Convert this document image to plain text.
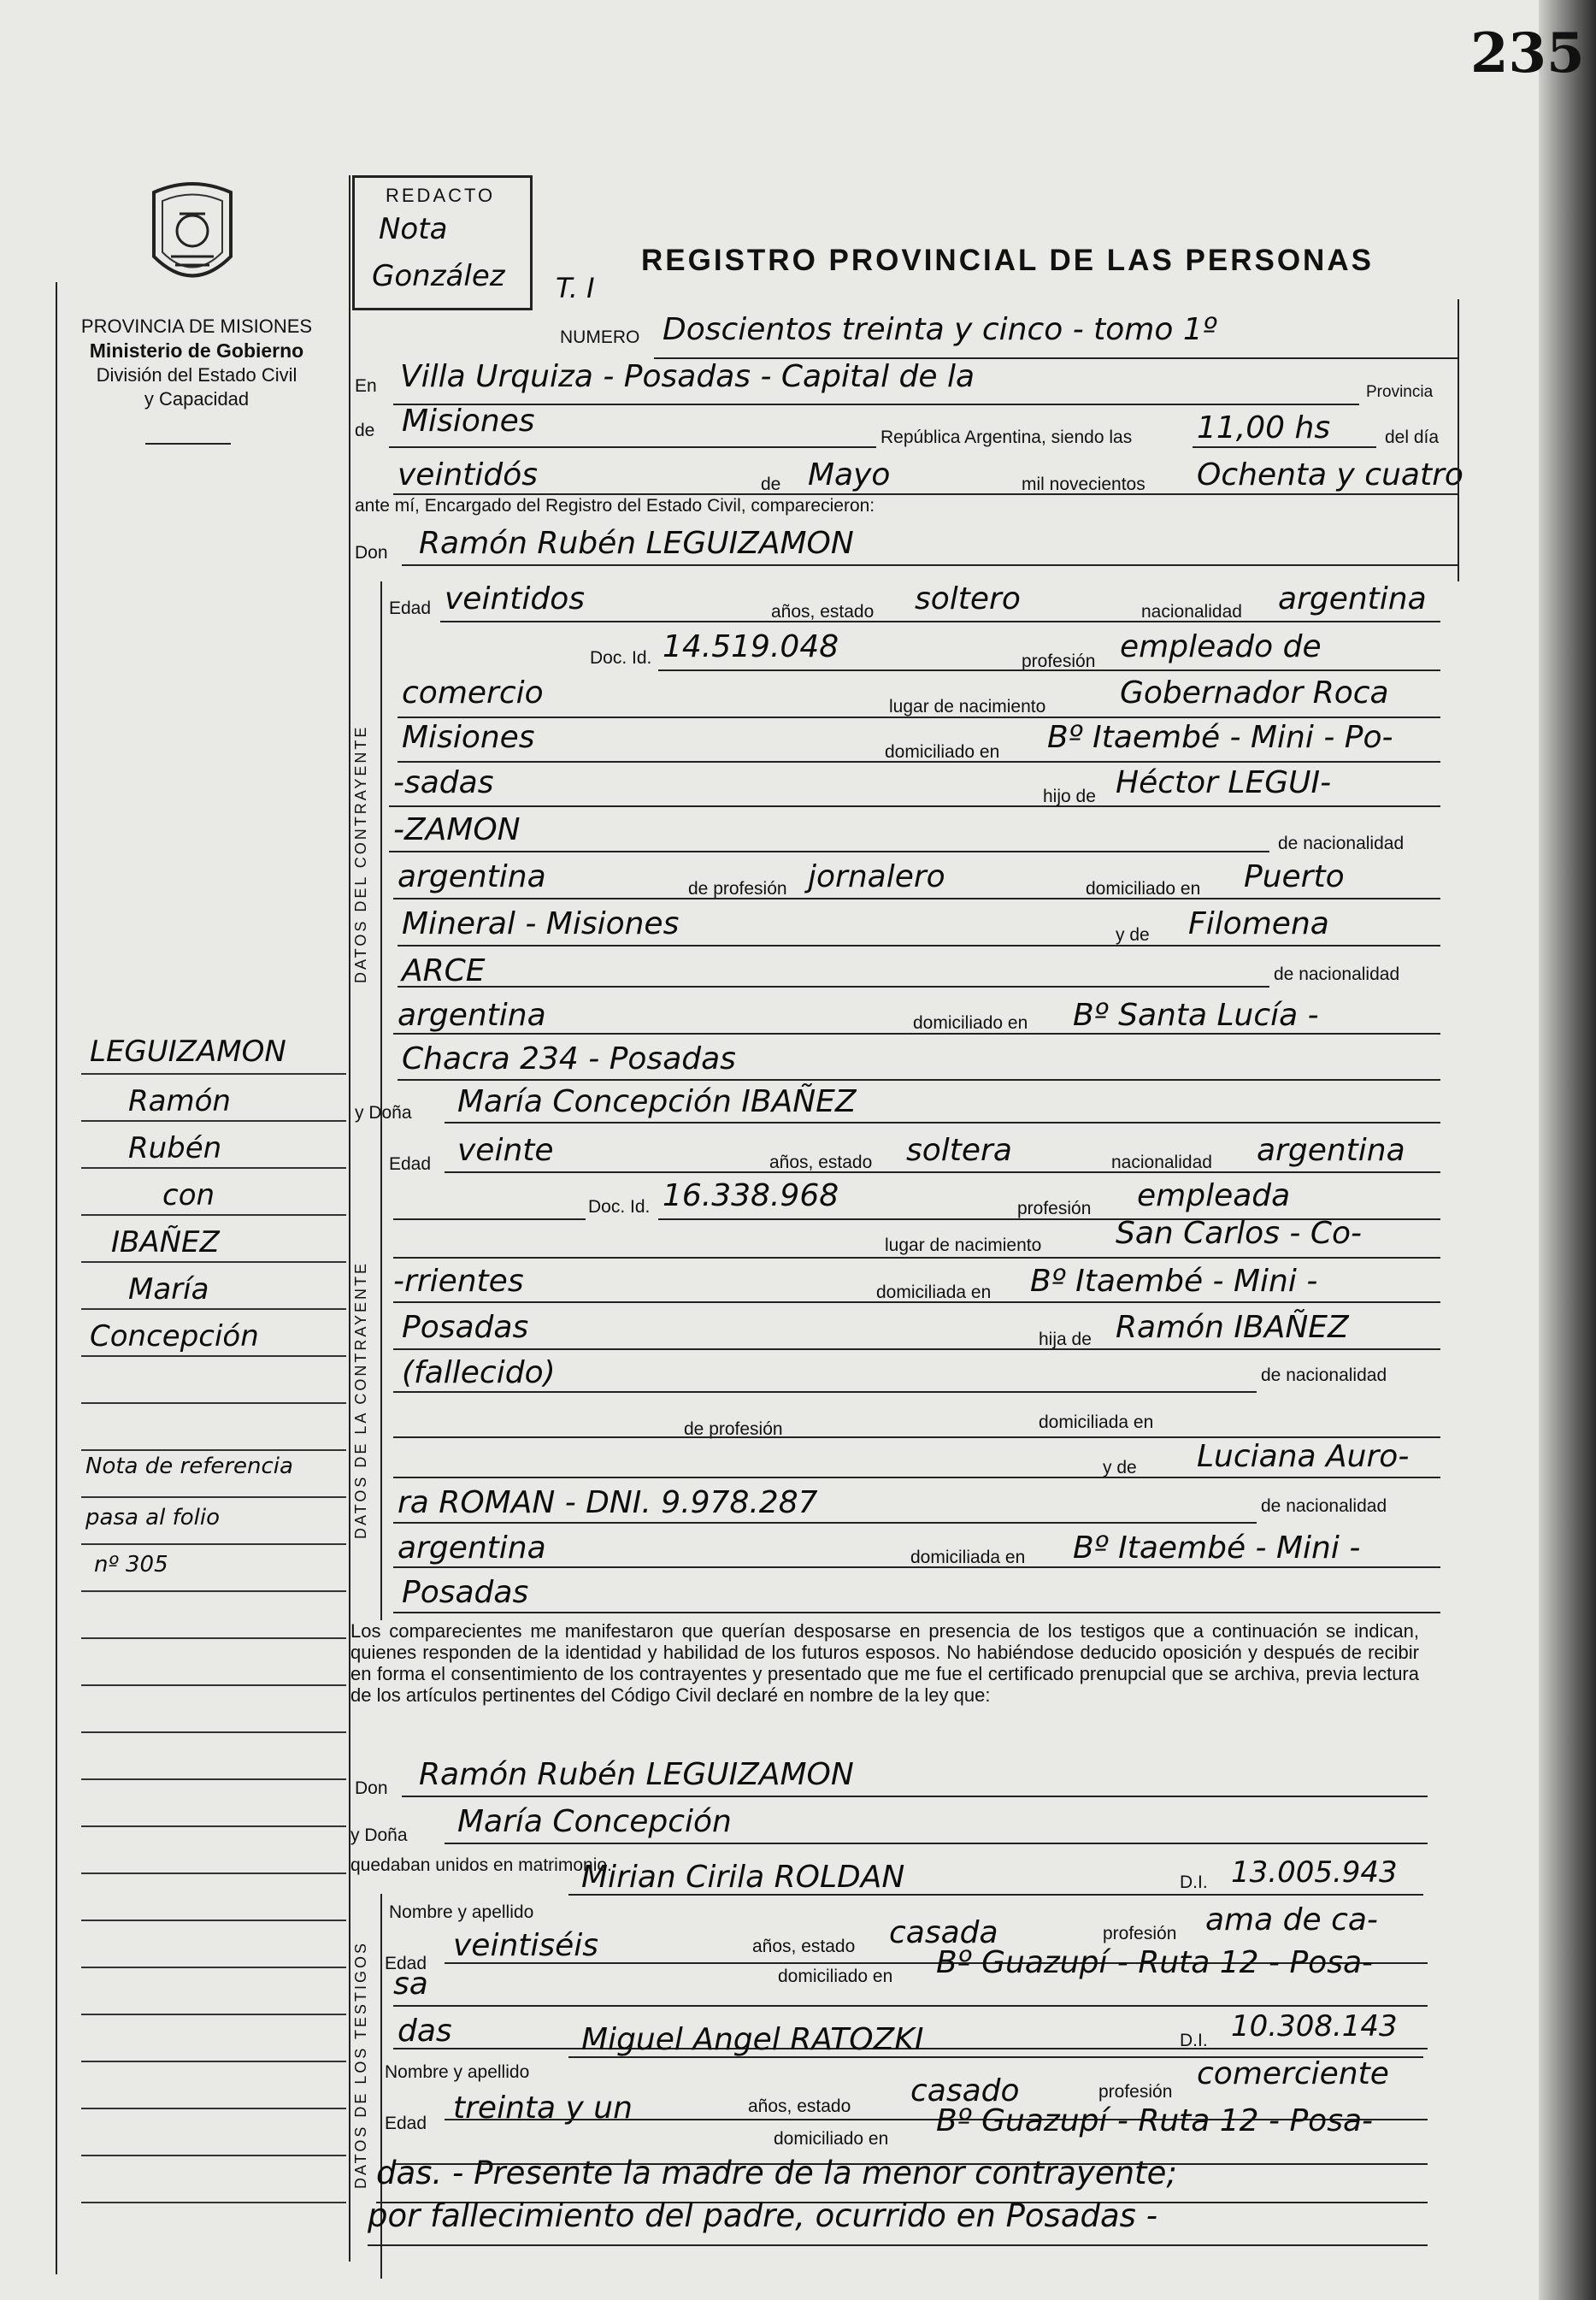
235
PROVINCIA DE MISIONES
Ministerio de Gobierno
División del Estado Civil
y Capacidad
REDACTO
Nota
González T. I
REGISTRO PROVINCIAL DE LAS PERSONAS
LEGUIZAMON
Ramón
Rubén
con
IBAÑEZ
María
Concepción
Nota de referencia
pasa al folio
nº 305
NUMERO Doscientos treinta y cinco - tomo 1º
En Villa Urquiza - Posadas - Capital de la	Provincia
de Misiones	República Argentina, siendo las 11,00 hs	del día
veintidós	de Mayo	mil novecientos Ochenta y cuatro
ante mí, Encargado del Registro del Estado Civil, comparecieron:
DATOS DEL CONTRAYENTE
Don Ramón Rubén LEGUIZAMON
Edad veintidos	años, estado soltero	nacionalidad argentina
Doc. Id. 14.519.048	profesión empleado de
comercio	lugar de nacimiento Gobernador Roca
Misiones	domiciliado en Bº Itaembé - Mini - Po-
-sadas	hijo de Héctor LEGUI-
-ZAMON	de nacionalidad
argentina	de profesión jornalero	domiciliado en Puerto
Mineral - Misiones	y de Filomena
ARCE	de nacionalidad
argentina	domiciliado en Bº Santa Lucía -
Chacra 234 - Posadas
DATOS DE LA CONTRAYENTE
y Doña María Concepción IBAÑEZ
Edad veinte	años, estado soltera	nacionalidad argentina
Doc. Id. 16.338.968	profesión empleada
lugar de nacimiento San Carlos - Co-
-rrientes	domiciliada en Bº Itaembé - Mini -
Posadas	hija de Ramón IBAÑEZ
(fallecido)	de nacionalidad
de profesión	domiciliada en
y de Luciana Auro-
ra ROMAN - DNI. 9.978.287	de nacionalidad
argentina	domiciliada en Bº Itaembé - Mini -
Posadas
Los comparecientes me manifestaron que querían desposarse en presencia de los testigos que a continuación se indican, quienes responden de la identidad y habilidad de los futuros esposos. No habiéndose deducido oposición y después de recibir en forma el consentimiento de los contrayentes y presentado que me fue el certificado prenupcial que se archiva, previa lectura de los artículos pertinentes del Código Civil declaré en nombre de la ley que:
Don Ramón Rubén LEGUIZAMON
y Doña María Concepción
quedaban unidos en matrimonio.
DATOS DE LOS TESTIGOS
Nombre y apellido
Mirian Cirila ROLDAN	D.I. 13.005.943
Edad
veintiséis	años, estado casada	profesión ama de ca-
sa	domiciliado en Bº Guazupí - Ruta 12 - Posa-
das
Nombre y apellido
Miguel Angel RATOZKI	D.I. 10.308.143
Edad treinta y un	años, estado casado	profesión
comerciente
domiciliado en
Bº Guazupí - Ruta 12 - Posa-
das. - Presente la madre de la menor contrayente;
por fallecimiento del padre, ocurrido en Posadas -
